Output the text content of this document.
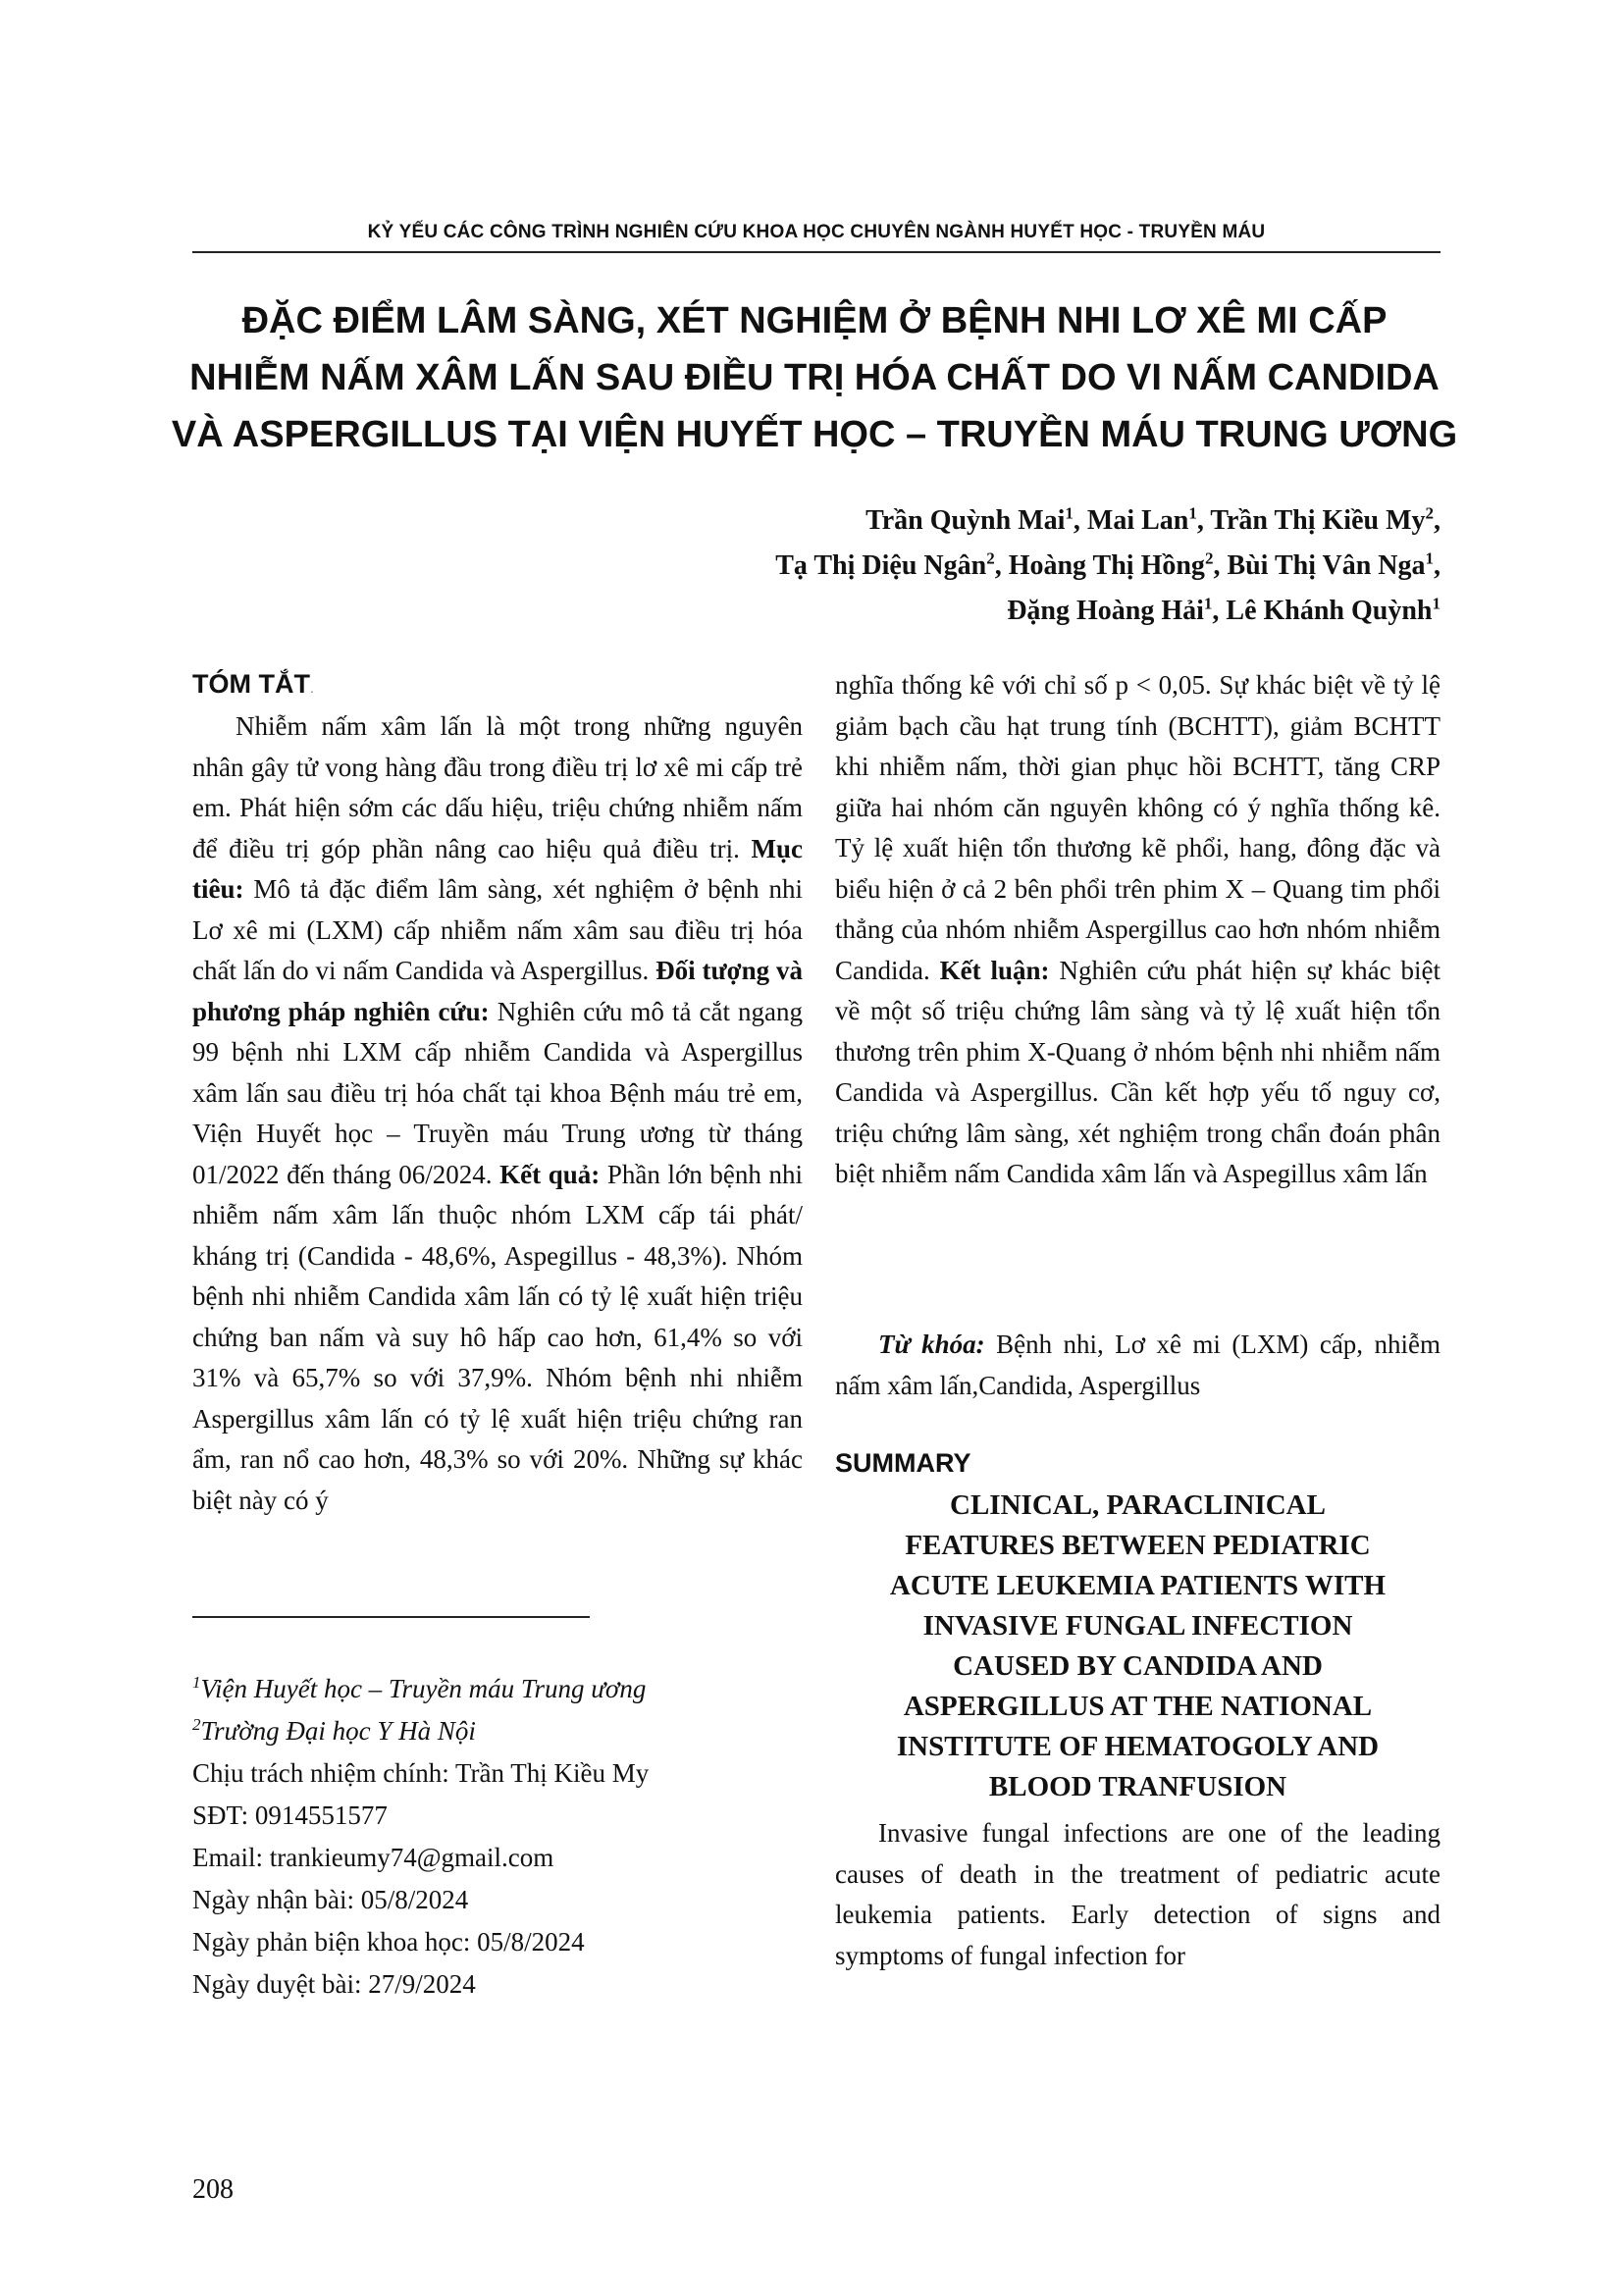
KỶ YẾU CÁC CÔNG TRÌNH NGHIÊN CỨU KHOA HỌC CHUYÊN NGÀNH HUYẾT HỌC - TRUYỀN MÁU
ĐẶC ĐIỂM LÂM SÀNG, XÉT NGHIỆM Ở BỆNH NHI LƠ XÊ MI CẤP
NHIỄM NẤM XÂM LẤN SAU ĐIỀU TRỊ HÓA CHẤT DO VI NẤM CANDIDA
VÀ ASPERGILLUS TẠI VIỆN HUYẾT HỌC – TRUYỀN MÁU TRUNG ƯƠNG
Trần Quỳnh Mai$^1$, Mai Lan$^1$, Trần Thị Kiều My$^2$,
Tạ Thị Diệu Ngân$^2$, Hoàng Thị Hồng$^2$, Bùi Thị Vân Nga$^1$,
Đặng Hoàng Hải$^1$, Lê Khánh Quỳnh$^1$
TÓM TẮT.
Nhiễm nấm xâm lấn là một trong những nguyên nhân gây tử vong hàng đầu trong điều trị lơ xê mi cấp trẻ em. Phát hiện sớm các dấu hiệu, triệu chứng nhiễm nấm để điều trị góp phần nâng cao hiệu quả điều trị. Mục tiêu: Mô tả đặc điểm lâm sàng, xét nghiệm ở bệnh nhi Lơ xê mi (LXM) cấp nhiễm nấm xâm sau điều trị hóa chất lấn do vi nấm Candida và Aspergillus. Đối tượng và phương pháp nghiên cứu: Nghiên cứu mô tả cắt ngang 99 bệnh nhi LXM cấp nhiễm Candida và Aspergillus xâm lấn sau điều trị hóa chất tại khoa Bệnh máu trẻ em, Viện Huyết học – Truyền máu Trung ương từ tháng 01/2022 đến tháng 06/2024. Kết quả: Phần lớn bệnh nhi nhiễm nấm xâm lấn thuộc nhóm LXM cấp tái phát/ kháng trị (Candida - 48,6%, Aspegillus - 48,3%). Nhóm bệnh nhi nhiễm Candida xâm lấn có tỷ lệ xuất hiện triệu chứng ban nấm và suy hô hấp cao hơn, 61,4% so với 31% và 65,7% so với 37,9%. Nhóm bệnh nhi nhiễm Aspergillus xâm lấn có tỷ lệ xuất hiện triệu chứng ran ẩm, ran nổ cao hơn, 48,3% so với 20%. Những sự khác biệt này có ý
$^1$Viện Huyết học – Truyền máu Trung ương
$^2$Trường Đại học Y Hà Nội
Chịu trách nhiệm chính: Trần Thị Kiều My
SĐT: 0914551577
Email: trankieumy74@gmail.com
Ngày nhận bài: 05/8/2024
Ngày phản biện khoa học: 05/8/2024
Ngày duyệt bài: 27/9/2024
208
nghĩa thống kê với chỉ số p < 0,05. Sự khác biệt về tỷ lệ giảm bạch cầu hạt trung tính (BCHTT), giảm BCHTT khi nhiễm nấm, thời gian phục hồi BCHTT, tăng CRP giữa hai nhóm căn nguyên không có ý nghĩa thống kê. Tỷ lệ xuất hiện tổn thương kẽ phổi, hang, đông đặc và biểu hiện ở cả 2 bên phổi trên phim X – Quang tim phổi thẳng của nhóm nhiễm Aspergillus cao hơn nhóm nhiễm Candida. Kết luận: Nghiên cứu phát hiện sự khác biệt về một số triệu chứng lâm sàng và tỷ lệ xuất hiện tổn thương trên phim X-Quang ở nhóm bệnh nhi nhiễm nấm Candida và Aspergillus. Cần kết hợp yếu tố nguy cơ, triệu chứng lâm sàng, xét nghiệm trong chẩn đoán phân biệt nhiễm nấm Candida xâm lấn và Aspegillus xâm lấn
Từ khóa: Bệnh nhi, Lơ xê mi (LXM) cấp, nhiễm nấm xâm lấn,Candida, Aspergillus
SUMMARY
CLINICAL, PARACLINICAL
FEATURES BETWEEN PEDIATRIC
ACUTE LEUKEMIA PATIENTS WITH
INVASIVE FUNGAL INFECTION
CAUSED BY CANDIDA AND
ASPERGILLUS AT THE NATIONAL
INSTITUTE OF HEMATOGOLY AND
BLOOD TRANFUSION
Invasive fungal infections are one of the leading causes of death in the treatment of pediatric acute leukemia patients. Early detection of signs and symptoms of fungal infection for
